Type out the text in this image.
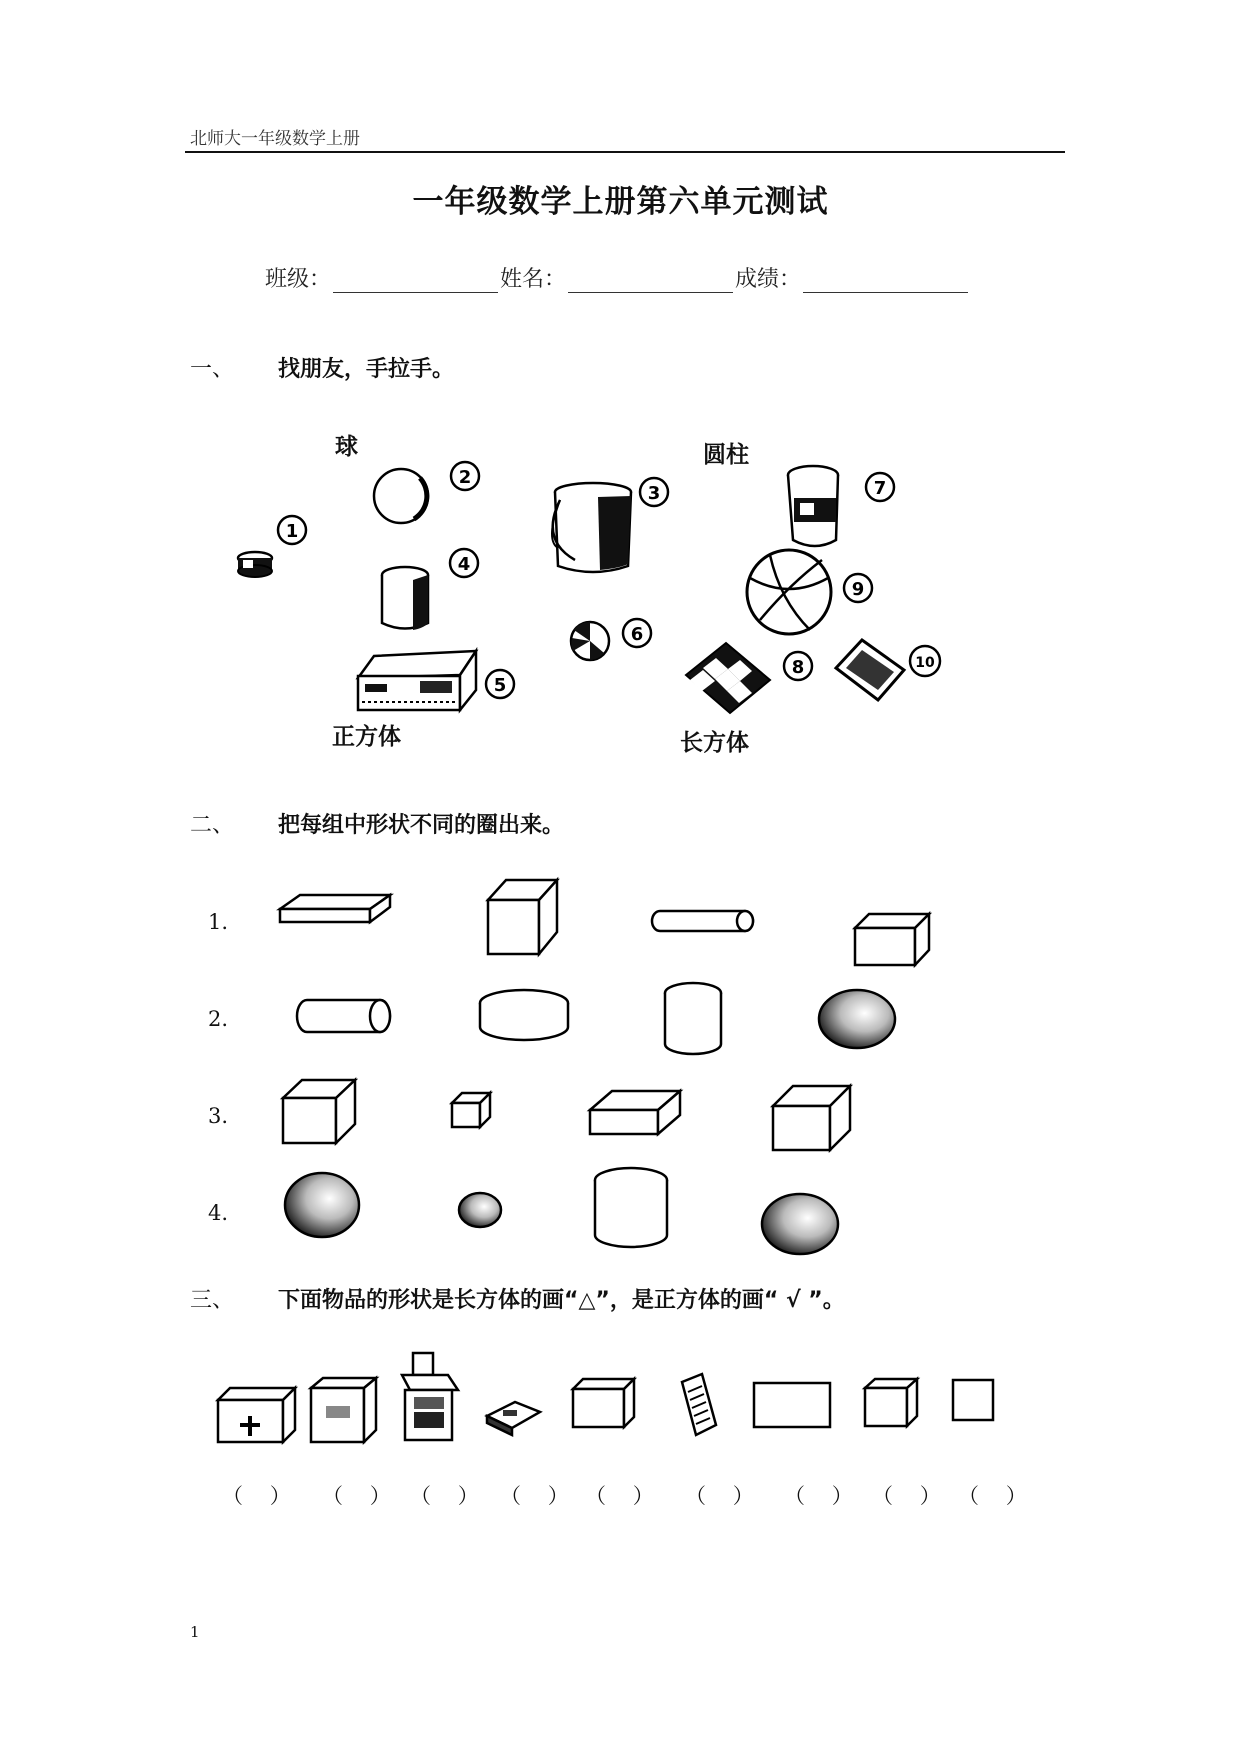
北师大一年级数学上册
一年级数学上册第六单元测试
班级：	姓名：	成绩：
一、 找朋友，手拉手。
球	圆柱
正方体	长方体
1
2
3
4
5
6
7
8
9
10
二、 把每组中形状不同的圈出来。
1.
2.
3.
4.
三、 下面物品的形状是长方体的画“△”，是正方体的画“ √ ”。
（    ） （    ） （    ） （    ） （    ） （    ） （    ） （    ） （    ）
1
